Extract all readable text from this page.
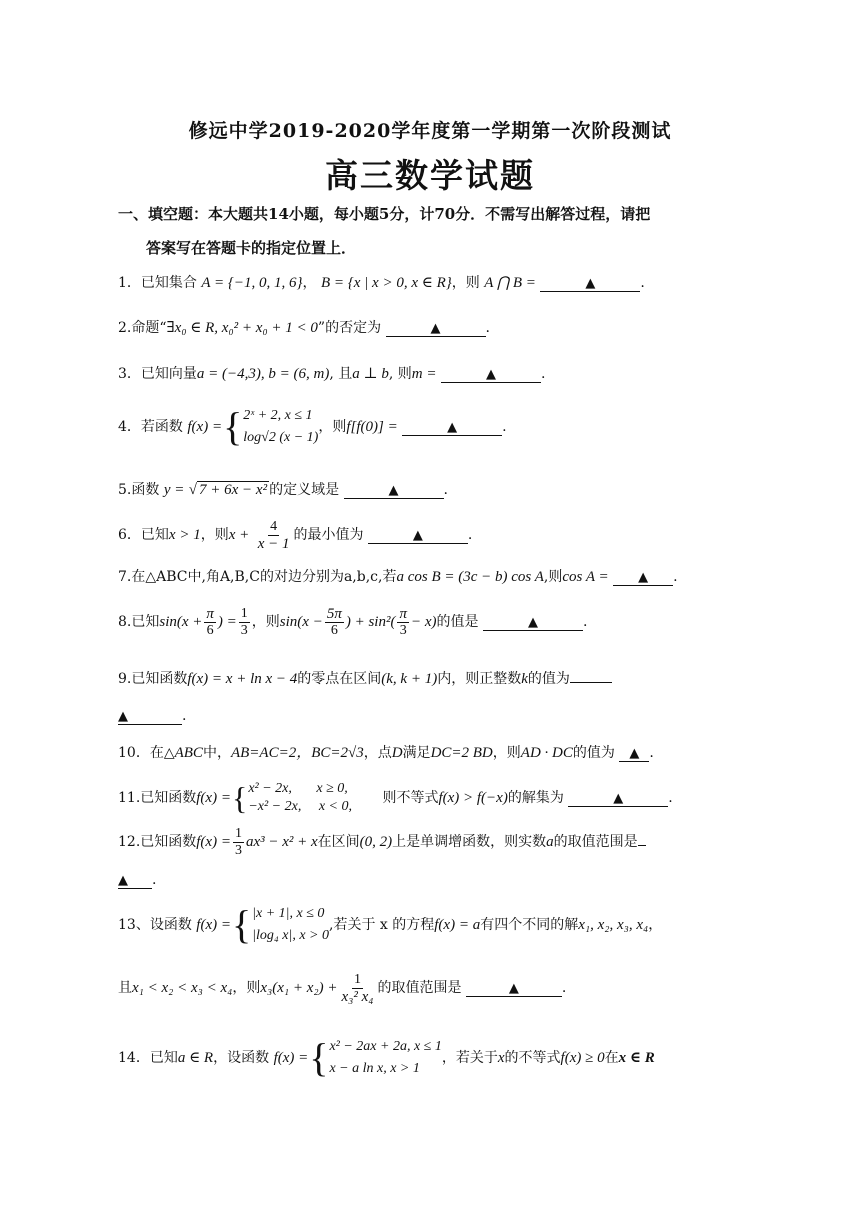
修远中学2019-2020学年度第一学期第一次阶段测试
高三数学试题
一、填空题：本大题共14小题，每小题5分，计70分．不需写出解答过程，请把
答案写在答题卡的指定位置上．
1．已知集合 A = {−1, 0, 1, 6}， B = {x | x > 0, x ∈ R}，则 A ⋂ B =	▲	.
2.命题“∃x₀ ∈ R, x₀² + x₀ + 1 < 0”的否定为	▲	.
3．已知向量a = (−4,3), b = (6, m), 且a ⊥ b, 则m =	▲	.
4．若函数 f(x) ={ 2ˣ + 2, x ≤ 1
log√2 (x − 1)
，则f[f(0)] =	▲	.
5.函数 y = √ 7 + 6x − x² 的定义域是	▲	.
6．已知x > 1，则$x + \frac{4}{x - 1}$ 的最小值为	▲	.
7.在△ABC中,角A,B,C的对边分别为a,b,c,若a cos B = (3c − b) cos A,则cos A = ▲ .
8.已知$\sin(x + \frac{\pi}{6}$ ) = $\frac{1}{3}$ ，则$\sin(x - \frac{5\pi}{6}$ ) + $\sin^2( \frac{\pi}{3} - x)$的值是	▲	.
9.已知函数f(x) = x + ln x − 4的零点在区间(k, k + 1)内，则正整数k的值为
▲	.
10．在△ABC中，AB=AC=2，BC=2√3，点D满足DC=2 BD，则AD · DC的值为 ▲ .
11.已知函数f(x) ={ x² − 2x,       x ≥ 0,
−x² − 2x,     x < 0,
则不等式f(x) > f(−x)的解集为	▲	.
12.已知函数$f(x) = \frac{1}{3} ax^3 - x^2 + x$在区间(0, 2)上是单调增函数，则实数a的取值范围是
▲ .
13、设函数 f(x) ={ |x + 1|, x ≤ 0
|log₄ x|, x > 0
,若关于 x 的方程f(x) = a有四个不同的解x₁, x₂, x₃, x₄，
且x₁ < x₂ < x₃ < x₄，则$x_3(x_1 + x_2) + \frac{1}{\text{x₃² x₄}}$ 的取值范围是	▲	.
14．已知a ∈ R，设函数 f(x) ={ x² − 2ax + 2a, x ≤ 1
x − a ln x, x > 1
，若关于x的不等式f(x) ≥ 0在x ∈ R
